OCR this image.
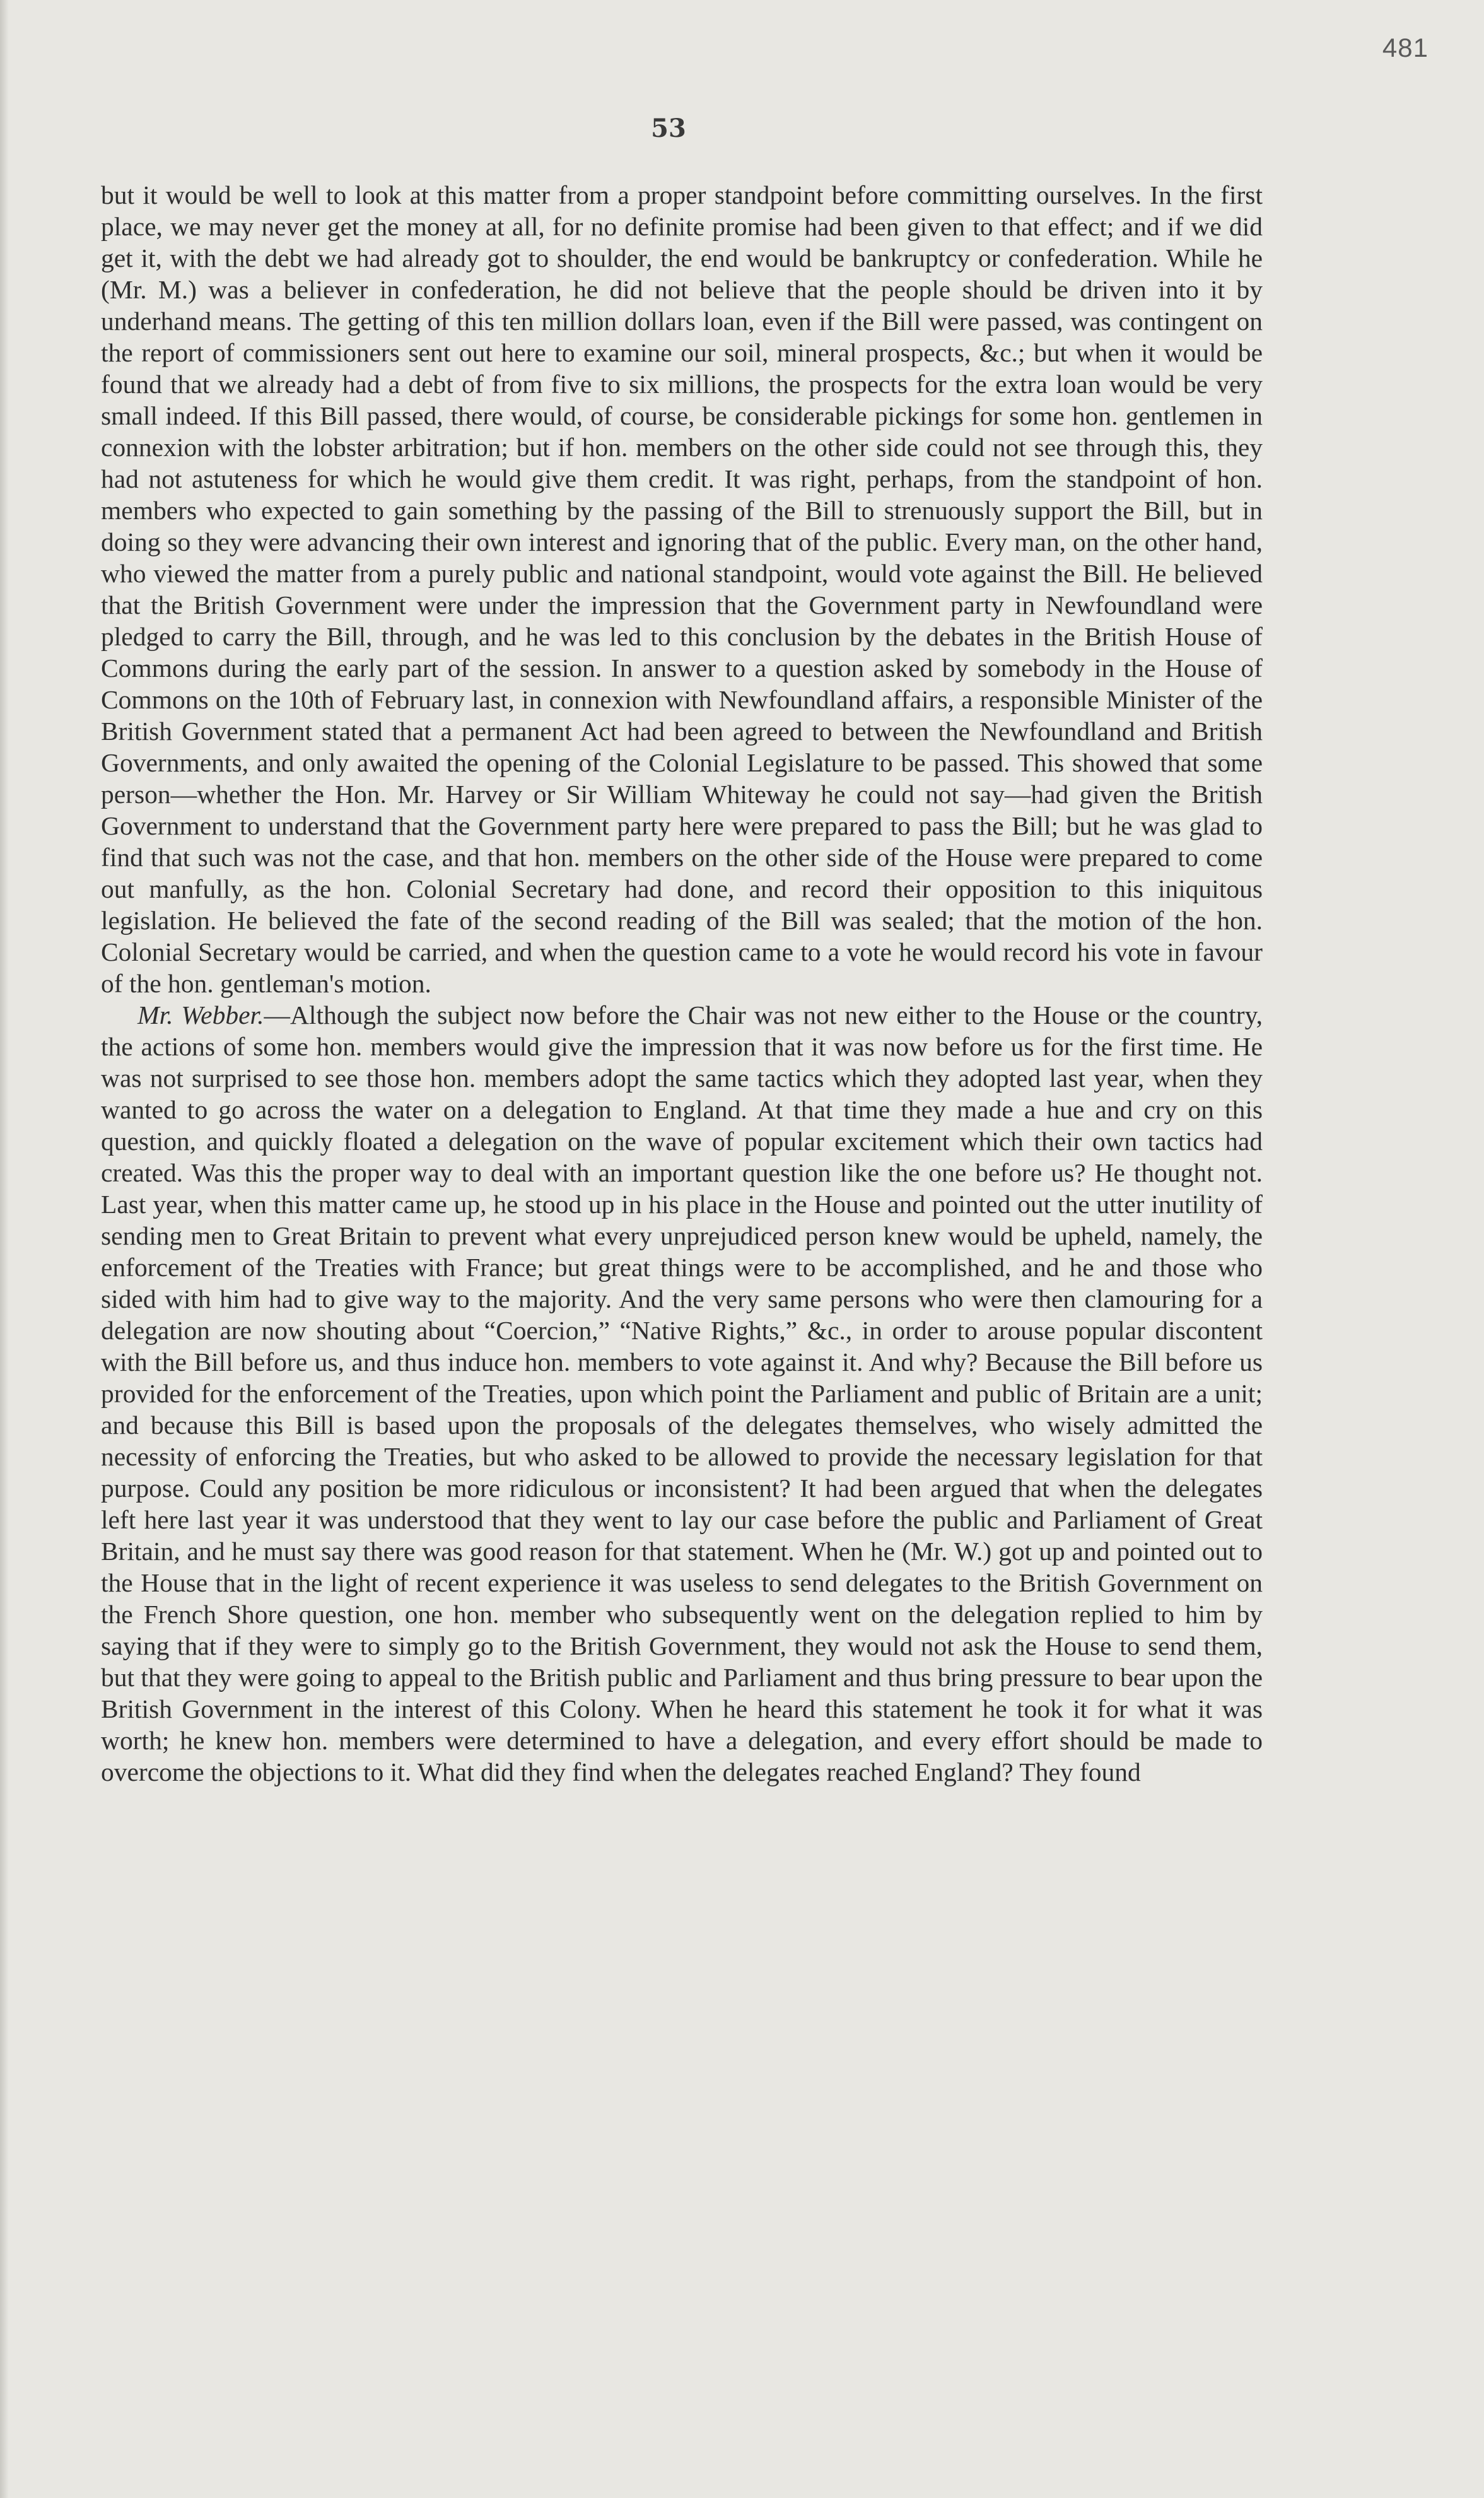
481
53

but it would be well to look at this matter from a proper standpoint before committing ourselves. In the first place, we may never get the money at all, for no definite promise had been given to that effect; and if we did get it, with the debt we had already got to shoulder, the end would be bankruptcy or confederation. While he (Mr. M.) was a believer in confederation, he did not believe that the people should be driven into it by underhand means. The getting of this ten million dollars loan, even if the Bill were passed, was contingent on the report of commissioners sent out here to examine our soil, mineral prospects, &c.; but when it would be found that we already had a debt of from five to six millions, the prospects for the extra loan would be very small indeed. If this Bill passed, there would, of course, be considerable pickings for some hon. gentlemen in connexion with the lobster arbitration; but if hon. members on the other side could not see through this, they had not astuteness for which he would give them credit. It was right, perhaps, from the standpoint of hon. members who expected to gain something by the passing of the Bill to strenuously support the Bill, but in doing so they were advancing their own interest and ignoring that of the public. Every man, on the other hand, who viewed the matter from a purely public and national standpoint, would vote against the Bill. He believed that the British Government were under the impression that the Government party in Newfoundland were pledged to carry the Bill, through, and he was led to this conclusion by the debates in the British House of Commons during the early part of the session. In answer to a question asked by somebody in the House of Commons on the 10th of February last, in connexion with Newfoundland affairs, a responsible Minister of the British Government stated that a permanent Act had been agreed to between the Newfoundland and British Governments, and only awaited the opening of the Colonial Legislature to be passed. This showed that some person—whether the Hon. Mr. Harvey or Sir William Whiteway he could not say—had given the British Government to understand that the Government party here were prepared to pass the Bill; but he was glad to find that such was not the case, and that hon. members on the other side of the House were prepared to come out manfully, as the hon. Colonial Secretary had done, and record their opposition to this iniquitous legislation. He believed the fate of the second reading of the Bill was sealed; that the motion of the hon. Colonial Secretary would be carried, and when the question came to a vote he would record his vote in favour of the hon. gentleman's motion.

Mr. Webber.—Although the subject now before the Chair was not new either to the House or the country, the actions of some hon. members would give the impression that it was now before us for the first time. He was not surprised to see those hon. members adopt the same tactics which they adopted last year, when they wanted to go across the water on a delegation to England. At that time they made a hue and cry on this question, and quickly floated a delegation on the wave of popular excitement which their own tactics had created. Was this the proper way to deal with an important question like the one before us? He thought not. Last year, when this matter came up, he stood up in his place in the House and pointed out the utter inutility of sending men to Great Britain to prevent what every unprejudiced person knew would be upheld, namely, the enforcement of the Treaties with France; but great things were to be accomplished, and he and those who sided with him had to give way to the majority. And the very same persons who were then clamouring for a delegation are now shouting about “Coercion,” “Native Rights,” &c., in order to arouse popular discontent with the Bill before us, and thus induce hon. members to vote against it. And why? Because the Bill before us provided for the enforcement of the Treaties, upon which point the Parliament and public of Britain are a unit; and because this Bill is based upon the proposals of the delegates themselves, who wisely admitted the necessity of enforcing the Treaties, but who asked to be allowed to provide the necessary legislation for that purpose. Could any position be more ridiculous or inconsistent? It had been argued that when the delegates left here last year it was understood that they went to lay our case before the public and Parliament of Great Britain, and he must say there was good reason for that statement. When he (Mr. W.) got up and pointed out to the House that in the light of recent experience it was useless to send delegates to the British Government on the French Shore question, one hon. member who subsequently went on the delegation replied to him by saying that if they were to simply go to the British Government, they would not ask the House to send them, but that they were going to appeal to the British public and Parliament and thus bring pressure to bear upon the British Government in the interest of this Colony. When he heard this statement he took it for what it was worth; he knew hon. members were determined to have a delegation, and every effort should be made to overcome the objections to it. What did they find when the delegates reached England? They found
